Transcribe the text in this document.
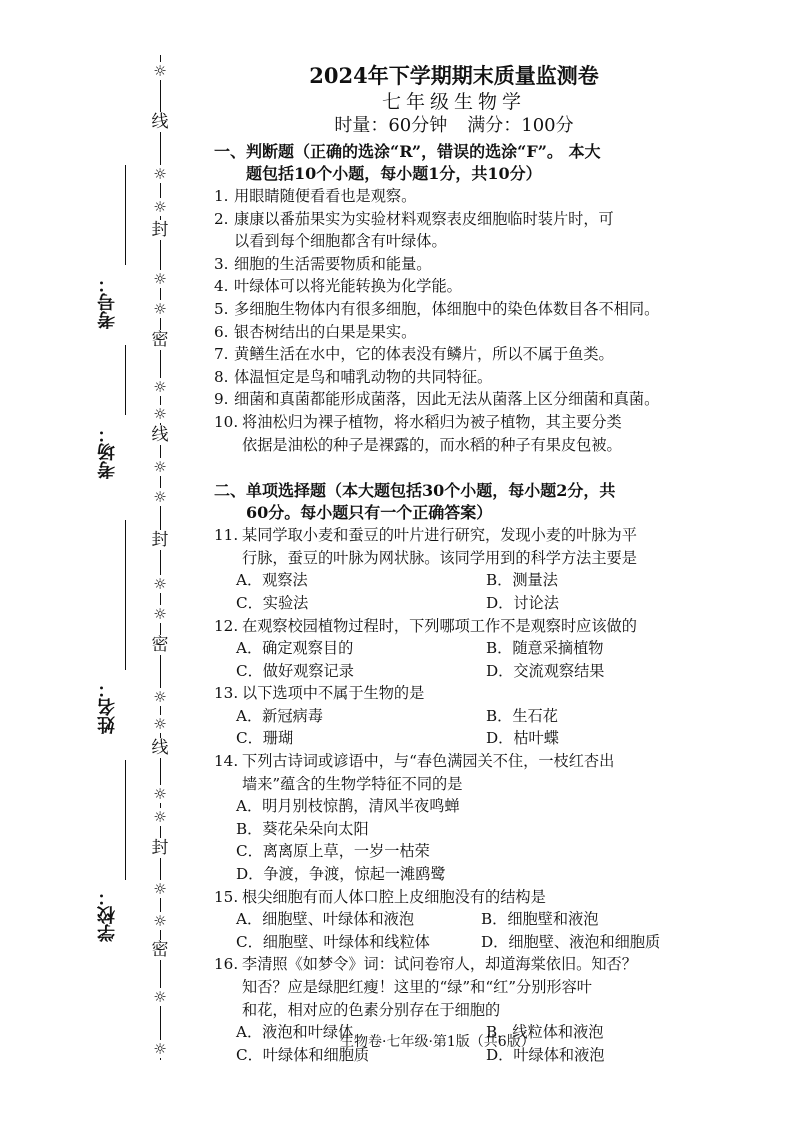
☼
线
☼
☼
封
☼
☼
密
☼
☼
线
☼
☼
封
☼
☼
密
☼
☼
线
☼
☼
封
☼
☼
密
☼
☼
考号：
考场：
姓名：
学校：
2024年下学期期末质量监测卷
七年级生物学
时量：60分钟 满分：100分
一、判断题（正确的选涂“R”，错误的选涂“F”。 本大
题包括10个小题，每小题1分，共10分）
1. 用眼睛随便看看也是观察。
2. 康康以番茄果实为实验材料观察表皮细胞临时装片时，可
以看到每个细胞都含有叶绿体。
3. 细胞的生活需要物质和能量。
4. 叶绿体可以将光能转换为化学能。
5. 多细胞生物体内有很多细胞，体细胞中的染色体数目各不相同。
6. 银杏树结出的白果是果实。
7. 黄鳝生活在水中，它的体表没有鳞片，所以不属于鱼类。
8. 体温恒定是鸟和哺乳动物的共同特征。
9. 细菌和真菌都能形成菌落，因此无法从菌落上区分细菌和真菌。
10. 将油松归为裸子植物，将水稻归为被子植物，其主要分类
依据是油松的种子是裸露的，而水稻的种子有果皮包被。
二、单项选择题（本大题包括30个小题，每小题2分，共
60分。每小题只有一个正确答案）
11. 某同学取小麦和蚕豆的叶片进行研究，发现小麦的叶脉为平
行脉，蚕豆的叶脉为网状脉。该同学用到的科学方法主要是
A．观察法	B．测量法
C．实验法	D．讨论法
12. 在观察校园植物过程时，下列哪项工作不是观察时应该做的
A．确定观察目的	B．随意采摘植物
C．做好观察记录	D．交流观察结果
13. 以下选项中不属于生物的是
A．新冠病毒	B．生石花
C．珊瑚	D．枯叶蝶
14. 下列古诗词或谚语中，与“春色满园关不住，一枝红杏出
墙来”蕴含的生物学特征不同的是
A．明月别枝惊鹊，清风半夜鸣蝉
B．葵花朵朵向太阳
C．离离原上草，一岁一枯荣
D．争渡，争渡，惊起一滩鸥鹭
15. 根尖细胞有而人体口腔上皮细胞没有的结构是
A．细胞壁、叶绿体和液泡	B．细胞壁和液泡
C．细胞壁、叶绿体和线粒体	D．细胞壁、液泡和细胞质
16. 李清照《如梦令》词：试问卷帘人，却道海棠依旧。知否？
知否？应是绿肥红瘦！这里的“绿”和“红”分别形容叶
和花，相对应的色素分别存在于细胞的
A．液泡和叶绿体	B．线粒体和液泡
C．叶绿体和细胞质	D．叶绿体和液泡
生物卷·七年级·第1版（共6版）
